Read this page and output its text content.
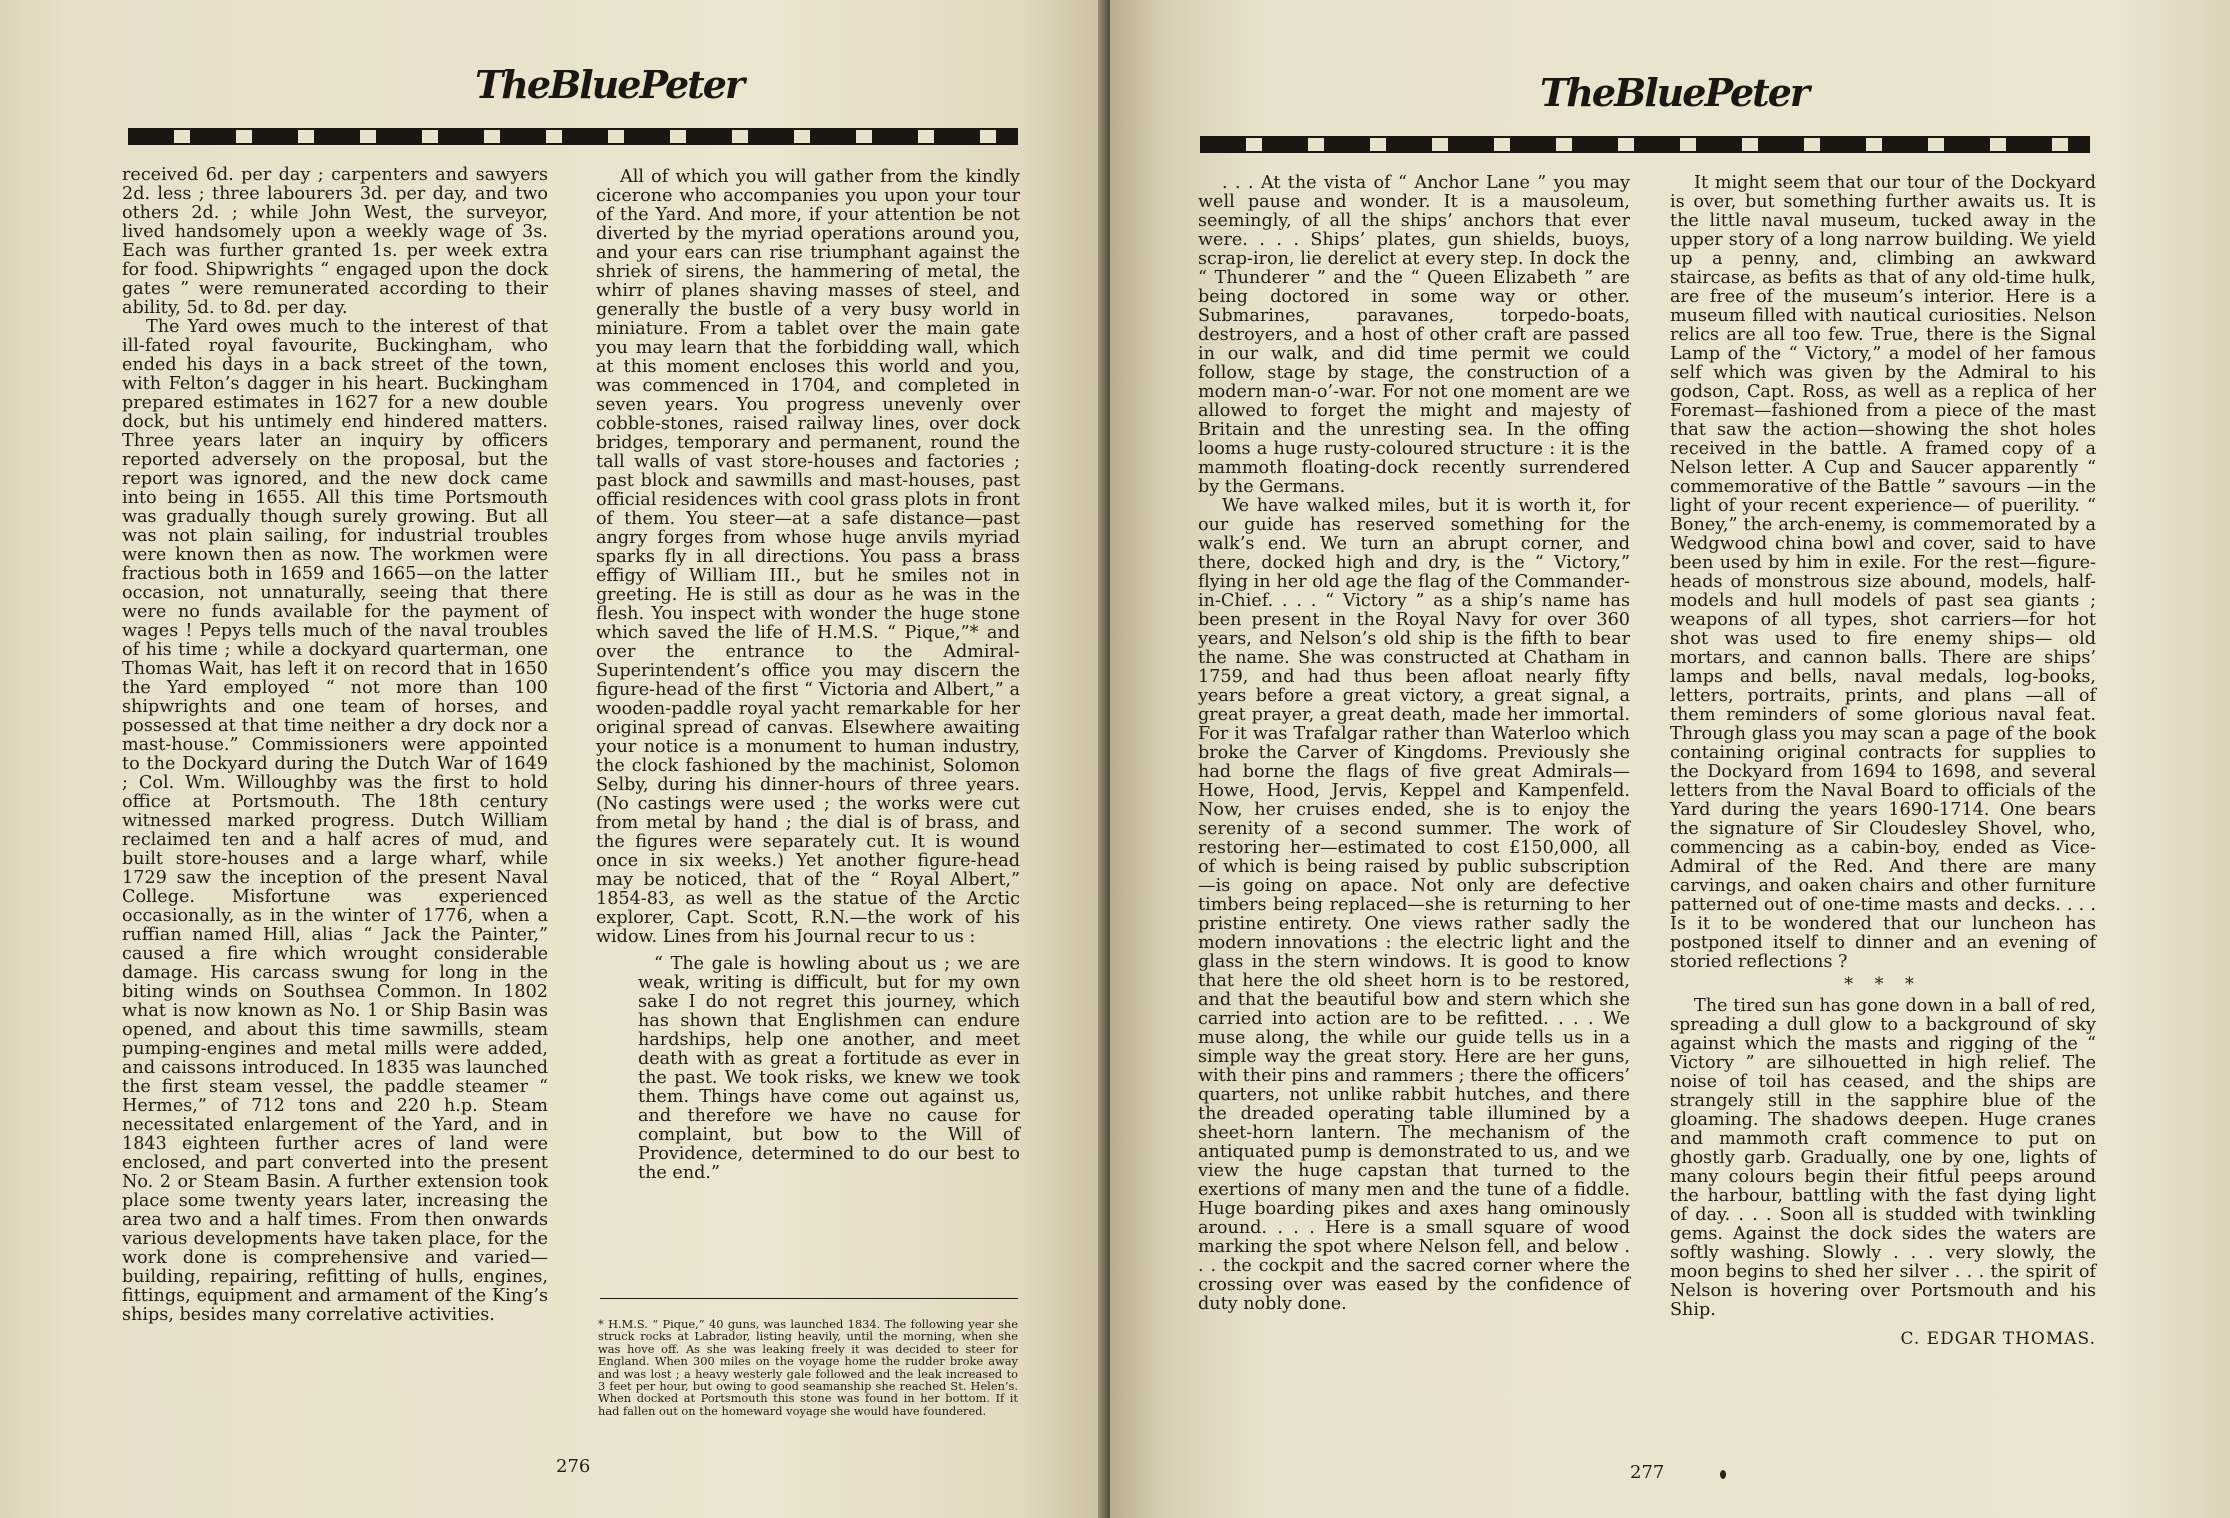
TheBluePeter

received 6d. per day ; carpenters and sawyers 2d. less ; three labourers 3d. per day, and two others 2d. ; while John West, the surveyor, lived handsomely upon a weekly wage of 3s. Each was further granted 1s. per week extra for food. Shipwrights “ engaged upon the dock gates ” were remunerated according to their ability, 5d. to 8d. per day.

The Yard owes much to the interest of that ill-fated royal favourite, Buckingham, who ended his days in a back street of the town, with Felton’s dagger in his heart. Buckingham prepared estimates in 1627 for a new double dock, but his untimely end hindered matters. Three years later an inquiry by officers reported adversely on the proposal, but the report was ignored, and the new dock came into being in 1655. All this time Portsmouth was gradually though surely growing. But all was not plain sailing, for industrial troubles were known then as now. The workmen were fractious both in 1659 and 1665—on the latter occasion, not unnaturally, seeing that there were no funds available for the payment of wages ! Pepys tells much of the naval troubles of his time ; while a dockyard quarterman, one Thomas Wait, has left it on record that in 1650 the Yard employed “ not more than 100 shipwrights and one team of horses, and possessed at that time neither a dry dock nor a mast-house.” Commissioners were appointed to the Dockyard during the Dutch War of 1649 ; Col. Wm. Willoughby was the first to hold office at Portsmouth. The 18th century witnessed marked progress. Dutch William reclaimed ten and a half acres of mud, and built store-houses and a large wharf, while 1729 saw the inception of the present Naval College. Misfortune was experienced occasionally, as in the winter of 1776, when a ruffian named Hill, alias “ Jack the Painter,” caused a fire which wrought considerable damage. His carcass swung for long in the biting winds on Southsea Common. In 1802 what is now known as No. 1 or Ship Basin was opened, and about this time sawmills, steam pumping-engines and metal mills were added, and caissons introduced. In 1835 was launched the first steam vessel, the paddle steamer “ Hermes,” of 712 tons and 220 h.p. Steam necessitated enlargement of the Yard, and in 1843 eighteen further acres of land were enclosed, and part converted into the present No. 2 or Steam Basin. A further extension took place some twenty years later, increasing the area two and a half times. From then onwards various developments have taken place, for the work done is comprehensive and varied—building, repairing, refitting of hulls, engines, fittings, equipment and armament of the King’s ships, besides many correlative activities.

All of which you will gather from the kindly cicerone who accompanies you upon your tour of the Yard. And more, if your attention be not diverted by the myriad operations around you, and your ears can rise triumphant against the shriek of sirens, the hammering of metal, the whirr of planes shaving masses of steel, and generally the bustle of a very busy world in miniature. From a tablet over the main gate you may learn that the forbidding wall, which at this moment encloses this world and you, was commenced in 1704, and completed in seven years. You progress unevenly over cobble-stones, raised railway lines, over dock bridges, temporary and permanent, round the tall walls of vast store-houses and factories ; past block and sawmills and mast-houses, past official residences with cool grass plots in front of them. You steer—at a safe distance—past angry forges from whose huge anvils myriad sparks fly in all directions. You pass a brass effigy of William III., but he smiles not in greeting. He is still as dour as he was in the flesh. You inspect with wonder the huge stone which saved the life of H.M.S. “ Pique,”* and over the entrance to the Admiral-Superintendent’s office you may discern the figure-head of the first “ Victoria and Albert,” a wooden-paddle royal yacht remarkable for her original spread of canvas. Elsewhere awaiting your notice is a monument to human industry, the clock fashioned by the machinist, Solomon Selby, during his dinner-hours of three years. (No castings were used ; the works were cut from metal by hand ; the dial is of brass, and the figures were separately cut. It is wound once in six weeks.) Yet another figure-head may be noticed, that of the “ Royal Albert,” 1854-83, as well as the statue of the Arctic explorer, Capt. Scott, R.N.—the work of his widow. Lines from his Journal recur to us :

“ The gale is howling about us ; we are weak, writing is difficult, but for my own sake I do not regret this journey, which has shown that Englishmen can endure hardships, help one another, and meet death with as great a fortitude as ever in the past. We took risks, we knew we took them. Things have come out against us, and therefore we have no cause for complaint, but bow to the Will of Providence, determined to do our best to the end.”

* H.M.S. “ Pique,” 40 guns, was launched 1834. The following year she struck rocks at Labrador, listing heavily, until the morning, when she was hove off. As she was leaking freely it was decided to steer for England. When 300 miles on the voyage home the rudder broke away and was lost ; a heavy westerly gale followed and the leak increased to 3 feet per hour, but owing to good seamanship she reached St. Helen’s. When docked at Portsmouth this stone was found in her bottom. If it had fallen out on the homeward voyage she would have foundered.
276
TheBluePeter

. . . At the vista of “ Anchor Lane ” you may well pause and wonder. It is a mausoleum, seemingly, of all the ships’ anchors that ever were. . . . Ships’ plates, gun shields, buoys, scrap-iron, lie derelict at every step. In dock the “ Thunderer ” and the “ Queen Elizabeth ” are being doctored in some way or other. Submarines, paravanes, torpedo-boats, destroyers, and a host of other craft are passed in our walk, and did time permit we could follow, stage by stage, the construction of a modern man-o’-war. For not one moment are we allowed to forget the might and majesty of Britain and the unresting sea. In the offing looms a huge rusty-coloured structure : it is the mammoth floating-dock recently surrendered by the Germans.

We have walked miles, but it is worth it, for our guide has reserved something for the walk’s end. We turn an abrupt corner, and there, docked high and dry, is the “ Victory,” flying in her old age the flag of the Commander-in-Chief. . . . “ Victory ” as a ship’s name has been present in the Royal Navy for over 360 years, and Nelson’s old ship is the fifth to bear the name. She was constructed at Chatham in 1759, and had thus been afloat nearly fifty years before a great victory, a great signal, a great prayer, a great death, made her immortal. For it was Trafalgar rather than Waterloo which broke the Carver of Kingdoms. Previously she had borne the flags of five great Admirals—Howe, Hood, Jervis, Keppel and Kampenfeld. Now, her cruises ended, she is to enjoy the serenity of a second summer. The work of restoring her—estimated to cost £150,000, all of which is being raised by public subscription—is going on apace. Not only are defective timbers being replaced—she is returning to her pristine entirety. One views rather sadly the modern innovations : the electric light and the glass in the stern windows. It is good to know that here the old sheet horn is to be restored, and that the beautiful bow and stern which she carried into action are to be refitted. . . . We muse along, the while our guide tells us in a simple way the great story. Here are her guns, with their pins and rammers ; there the officers’ quarters, not unlike rabbit hutches, and there the dreaded operating table illumined by a sheet-horn lantern. The mechanism of the antiquated pump is demonstrated to us, and we view the huge capstan that turned to the exertions of many men and the tune of a fiddle. Huge boarding pikes and axes hang ominously around. . . . Here is a small square of wood marking the spot where Nelson fell, and below . . . the cockpit and the sacred corner where the crossing over was eased by the confidence of duty nobly done.

It might seem that our tour of the Dockyard is over, but something further awaits us. It is the little naval museum, tucked away in the upper story of a long narrow building. We yield up a penny, and, climbing an awkward staircase, as befits as that of any old-time hulk, are free of the museum’s interior. Here is a museum filled with nautical curiosities. Nelson relics are all too few. True, there is the Signal Lamp of the “ Victory,” a model of her famous self which was given by the Admiral to his godson, Capt. Ross, as well as a replica of her Foremast—fashioned from a piece of the mast that saw the action—showing the shot holes received in the battle. A framed copy of a Nelson letter. A Cup and Saucer apparently “ commemorative of the Battle ” savours —in the light of your recent experience— of puerility. “ Boney,” the arch-enemy, is commemorated by a Wedgwood china bowl and cover, said to have been used by him in exile. For the rest—figure-heads of monstrous size abound, models, half-models and hull models of past sea giants ; weapons of all types, shot carriers—for hot shot was used to fire enemy ships— old mortars, and cannon balls. There are ships’ lamps and bells, naval medals, log-books, letters, portraits, prints, and plans —all of them reminders of some glorious naval feat. Through glass you may scan a page of the book containing original contracts for supplies to the Dockyard from 1694 to 1698, and several letters from the Naval Board to officials of the Yard during the years 1690-1714. One bears the signature of Sir Cloudesley Shovel, who, commencing as a cabin-boy, ended as Vice-Admiral of the Red. And there are many carvings, and oaken chairs and other furniture patterned out of one-time masts and decks. . . . Is it to be wondered that our luncheon has postponed itself to dinner and an evening of storied reflections ?

* * *

The tired sun has gone down in a ball of red, spreading a dull glow to a background of sky against which the masts and rigging of the “ Victory ” are silhouetted in high relief. The noise of toil has ceased, and the ships are strangely still in the sapphire blue of the gloaming. The shadows deepen. Huge cranes and mammoth craft commence to put on ghostly garb. Gradually, one by one, lights of many colours begin their fitful peeps around the harbour, battling with the fast dying light of day. . . . Soon all is studded with twinkling gems. Against the dock sides the waters are softly washing. Slowly . . . very slowly, the moon begins to shed her silver . . . the spirit of Nelson is hovering over Portsmouth and his Ship.

C. EDGAR THOMAS.

277
